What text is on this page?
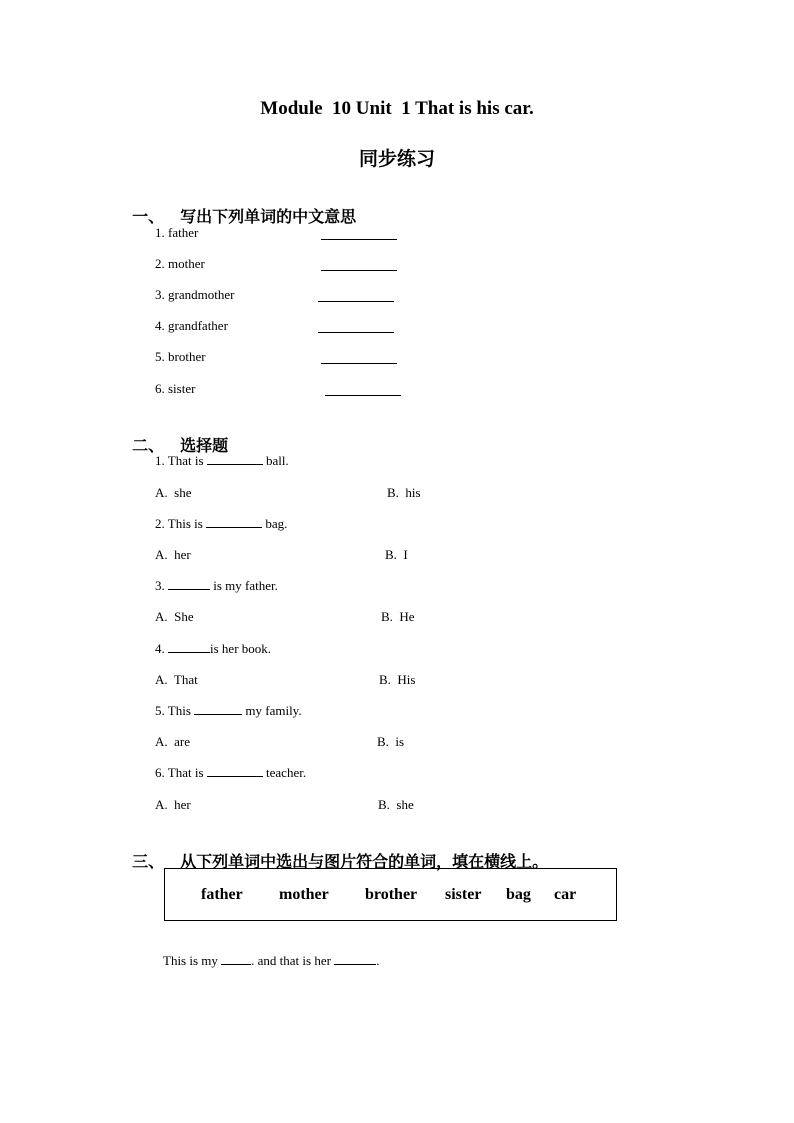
Module  10 Unit  1 That is his car.
同步练习

一、 写出下列单词的中文意思

1. father
2. mother
3. grandmother
4. grandfather
5. brother
6. sister

二、 选择题

1. That is	ball.
A.  she	B.  his
2. This is	bag.
A.  her	B.  I
3.	is my father.
A.  She	B.  He
4.	is her book.
A.  That	B.  His
5. This	my family.
A.  are	B.  is
6. That is	teacher.
A.  her	B.  she

三、 从下列单词中选出与图片符合的单词，填在横线上。

father mother brother sister bag car
This is my . and that is her	.
